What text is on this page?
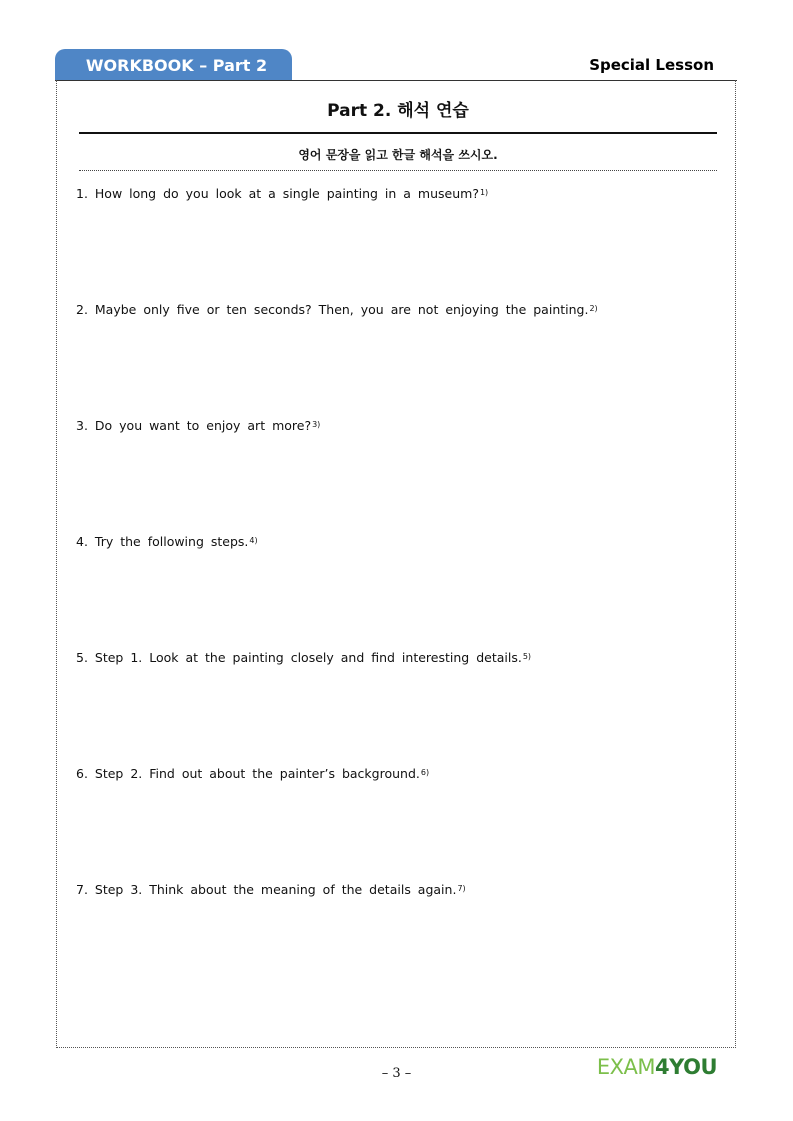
WORKBOOK – Part 2	Special Lesson
Part 2. 해석 연습
영어 문장을 읽고 한글 해석을 쓰시오.
1. How long do you look at a single painting in a museum?$^{1)}$
2. Maybe only five or ten seconds? Then, you are not enjoying the painting.$^{2)}$
3. Do you want to enjoy art more?$^{3)}$
4. Try the following steps.$^{4)}$
5. Step 1. Look at the painting closely and find interesting details.$^{5)}$
6. Step 2. Find out about the painter’s background.$^{6)}$
7. Step 3. Think about the meaning of the details again.$^{7)}$
– 3 –	EXAM4YOU
